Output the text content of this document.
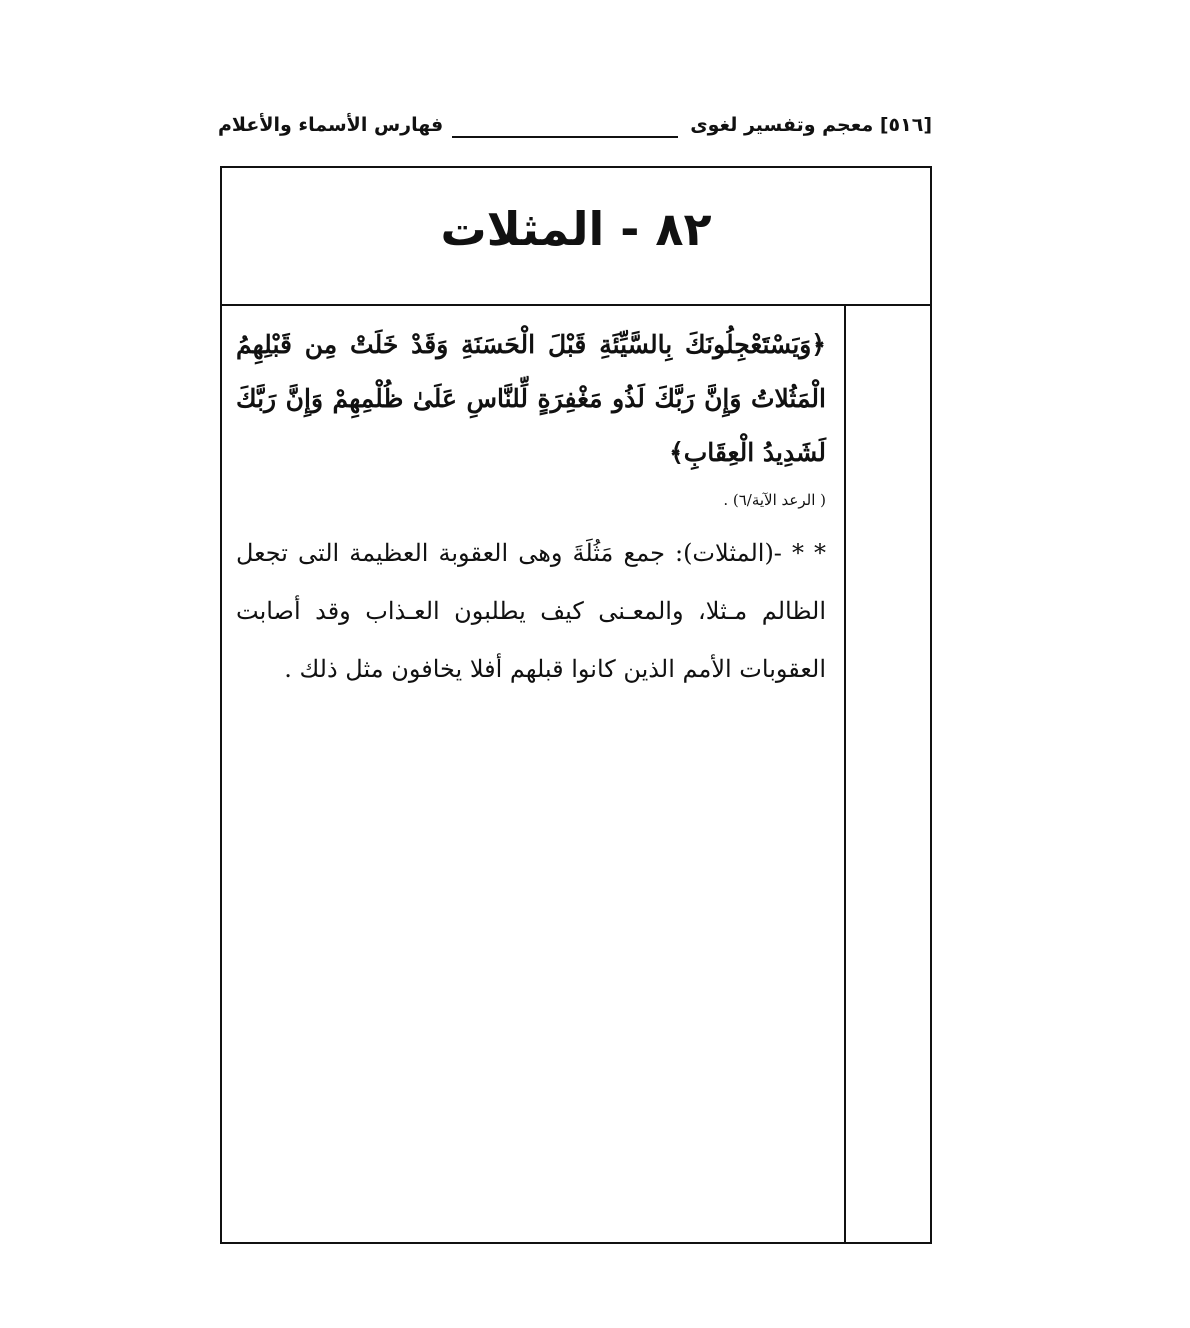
[٥١٦] معجم وتفسير لغوى
فهارس الأسماء والأعلام
٨٢ - المثلات

﴿وَيَسْتَعْجِلُونَكَ بِالسَّيِّئَةِ قَبْلَ الْحَسَنَةِ وَقَدْ خَلَتْ مِن قَبْلِهِمُ الْمَثُلاتُ وَإِنَّ رَبَّكَ لَذُو مَغْفِرَةٍ لِّلنَّاسِ عَلَىٰ ظُلْمِهِمْ وَإِنَّ رَبَّكَ لَشَدِيدُ الْعِقَابِ﴾

( الرعد الآية/٦) .

* * -(المثلات): جمع مَثُلَةَ وهى العقوبة العظيمة التى تجعل الظالم مـثلا، والمعـنى كيف يطلبون العـذاب وقد أصابت العقوبات الأمم الذين كانوا قبلهم أفلا يخافون مثل ذلك .
